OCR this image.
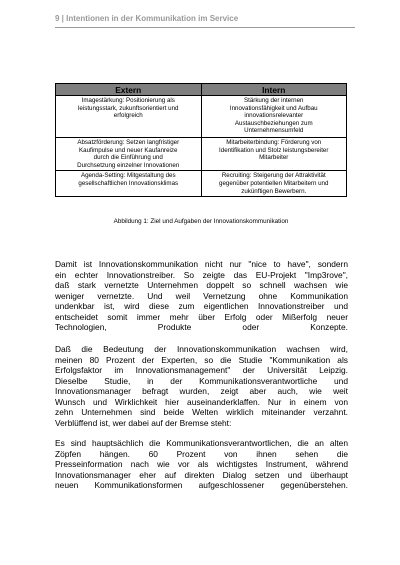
9 | Intentionen in der Kommunikation im Service
Extern	Intern

Imagestärkung: Positionierung als
leistungsstark, zukunftsorientiert und
erfolgreich	Stärkung der internen
Innovationsfähigkeit und Aufbau
innovationsrelevanter
Austauschbeziehungen zum
Unternehmensumfeld

Absatzförderung: Setzen langfristiger
Kaufimpulse und neuer Kaufanreize
durch die Einführung und
Durchsetzung einzelner Innovationen	Mitarbeiterbindung: Förderung von
Identifikation und Stolz leistungsbereiter
Mitarbeiter

Agenda-Setting: Mitgestaltung des
gesellschaftlichen Innovationsklimas	Recruiting: Steigerung der Attraktivität
gegenüber potentiellen Mitarbeitern und
zukünftigen Bewerbern.
Abbildung 1: Ziel und Aufgaben der Innovationskommunikation
Damit ist Innovationskommunikation nicht nur "nice to have", sondern
ein echter Innovationstreiber. So zeigte das EU-Projekt "Imp3rove",
daß stark vernetzte Unternehmen doppelt so schnell wachsen wie
weniger vernetzte. Und weil Vernetzung ohne Kommunikation
undenkbar ist, wird diese zum eigentlichen Innovationstreiber und
entscheidet somit immer mehr über Erfolg oder Mißerfolg neuer
Technologien, Produkte oder Konzepte.
Daß die Bedeutung der Innovationskommunikation wachsen wird,
meinen 80 Prozent der Experten, so die Studie "Kommunikation als
Erfolgsfaktor im Innovationsmanagement" der Universität Leipzig.
Dieselbe Studie, in der Kommunikationsverantwortliche und
Innovationsmanager befragt wurden, zeigt aber auch, wie weit
Wunsch und Wirklichkeit hier auseinanderklaffen. Nur in einem von
zehn Unternehmen sind beide Welten wirklich miteinander verzahnt.
Verblüffend ist, wer dabei auf der Bremse steht:
Es sind hauptsächlich die Kommunikationsverantwortlichen, die an alten
Zöpfen hängen. 60 Prozent von ihnen sehen die
Presseinformation nach wie vor als wichtigstes Instrument, während
Innovationsmanager eher auf direkten Dialog setzen und überhaupt
neuen Kommunikationsformen aufgeschlossener gegenüberstehen.
